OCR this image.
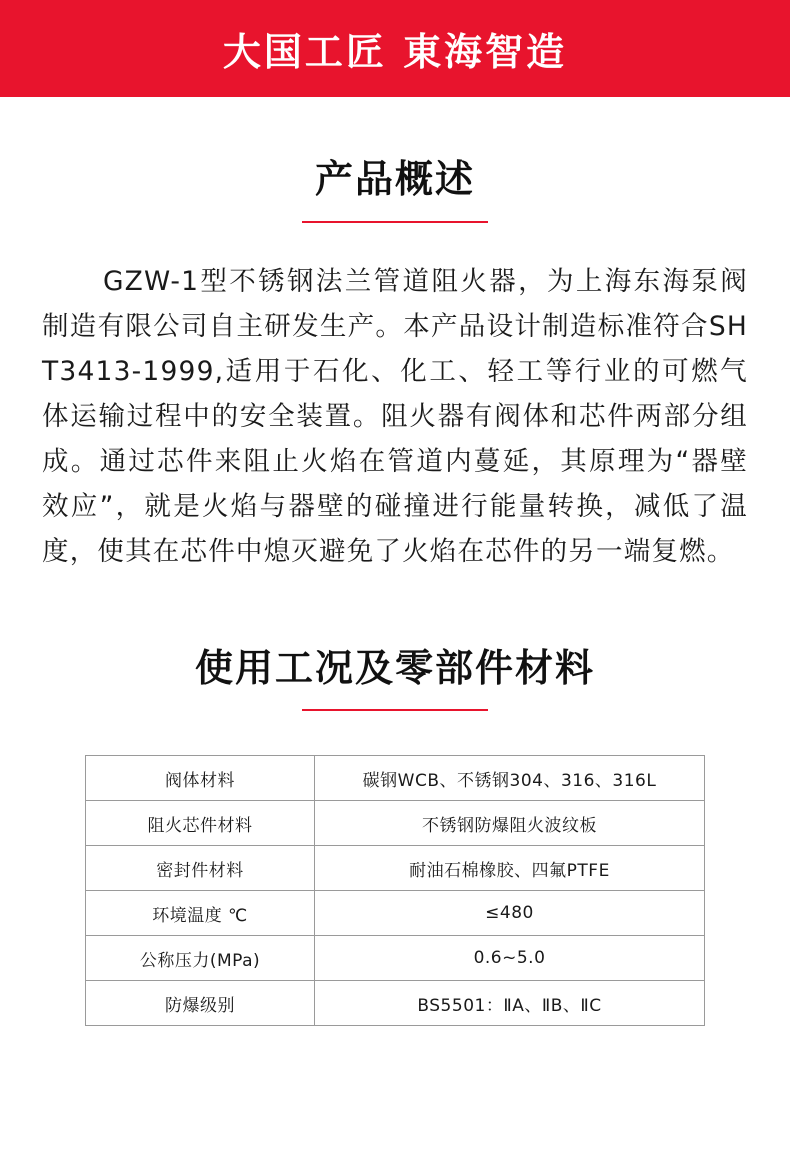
大国工匠 東海智造
产品概述

GZW-1型不锈钢法兰管道阻火器，为上海东海泵阀制造有限公司自主研发生产。本产品设计制造标准符合SHT3413-1999,适用于石化、化工、轻工等行业的可燃气体运输过程中的安全装置。阻火器有阀体和芯件两部分组成。通过芯件来阻止火焰在管道内蔓延，其原理为“器壁效应”，就是火焰与器壁的碰撞进行能量转换，减低了温度，使其在芯件中熄灭避免了火焰在芯件的另一端复燃。

使用工况及零部件材料
阀体材料	碳钢WCB、不锈钢304、316、316L
阻火芯件材料	不锈钢防爆阻火波纹板
密封件材料	耐油石棉橡胶、四氟PTFE
环境温度 ℃	≤480
公称压力(MPa)	0.6~5.0
防爆级别	BS5501：ⅡA、ⅡB、ⅡC
